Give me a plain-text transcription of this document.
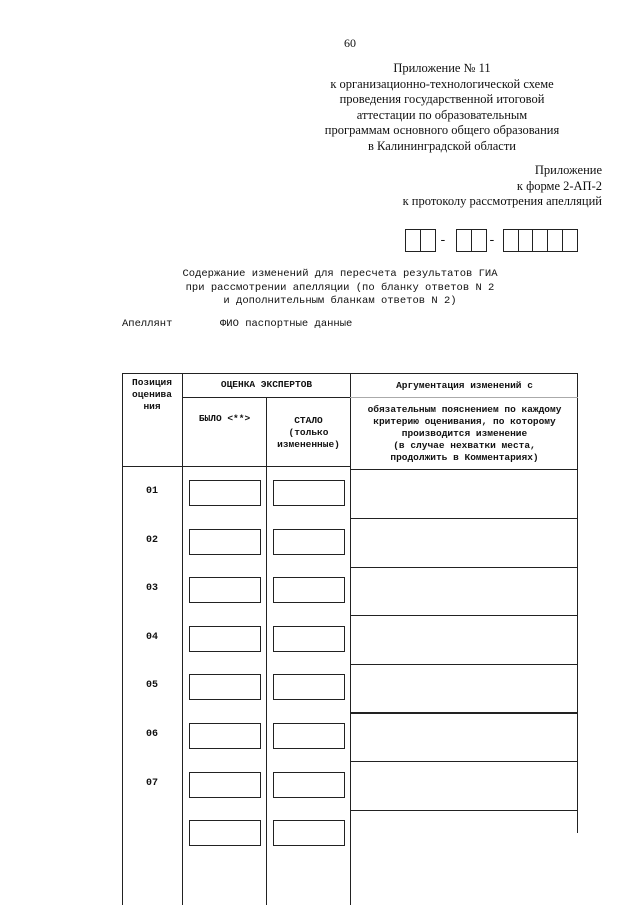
60
Приложение № 11
к организационно-технологической схеме
проведения государственной итоговой
аттестации по образовательным
программам основного общего образования
в Калининградской области
Приложение
к форме 2-АП-2
к протоколу рассмотрения апелляций
-	-
Содержание изменений для пересчета результатов ГИА
при рассмотрении апелляции (по бланку ответов N 2
и дополнительным бланкам ответов N 2)
Апеллянт	ФИО паспортные данные
Позиция
оценива
ния
ОЦЕНКА ЭКСПЕРТОВ
БЫЛО <**>	СТАЛО
(только
измененные)
Аргументация изменений с
обязательным пояснением по каждому
критерию оценивания, по которому
производится изменение
(в случае нехватки места,
продолжить в Комментариях)
01
02
03
04
05
06
07
